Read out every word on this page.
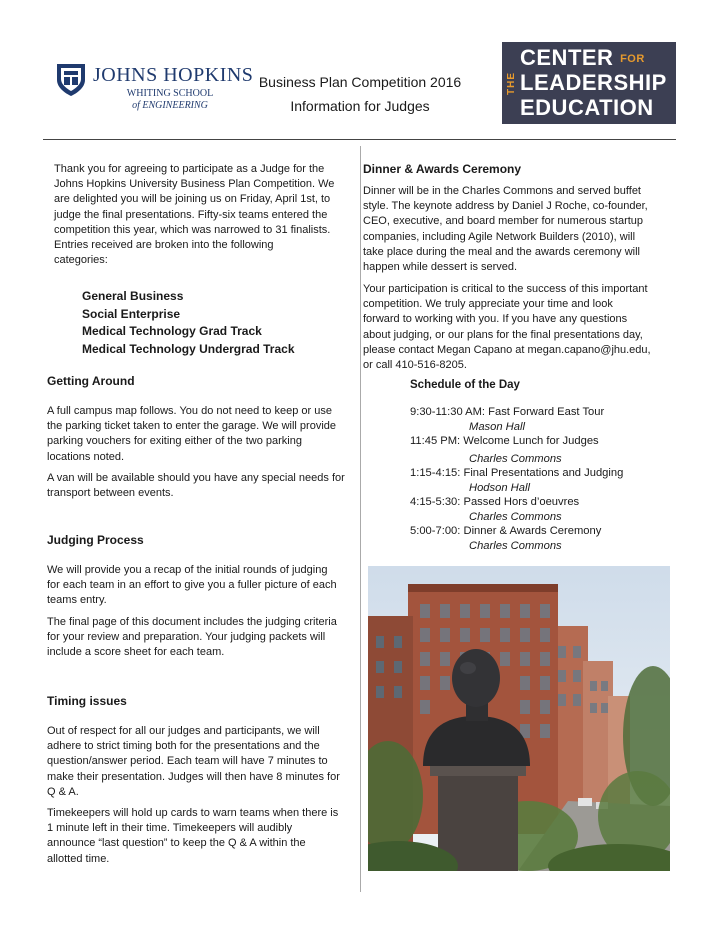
JOHNS HOPKINS
WHITING SCHOOL
of ENGINEERING
Business Plan Competition 2016
Information for Judges
THE
CENTER FOR
LEADERSHIP
EDUCATION
Thank you for agreeing to participate as a Judge for the
Johns Hopkins University Business Plan Competition. We
are delighted you will be joining us on Friday, April 1st, to
judge the final presentations. Fifty-six teams entered the
competition this year, which was narrowed to 31 finalists.
Entries received are broken into the following
categories:
General Business
Social Enterprise
Medical Technology Grad Track
Medical Technology Undergrad Track
Getting Around
A full campus map follows. You do not need to keep or use
the parking ticket taken to enter the garage. We will provide
parking vouchers for exiting either of the two parking
locations noted.
A van will be available should you have any special needs for
transport between events.
Judging Process
We will provide you a recap of the initial rounds of judging
for each team in an effort to give you a fuller picture of each
teams entry.
The final page of this document includes the judging criteria
for your review and preparation. Your judging packets will
include a score sheet for each team.
Timing issues
Out of respect for all our judges and participants, we will
adhere to strict timing both for the presentations and the
question/answer period. Each team will have 7 minutes to
make their presentation. Judges will then have 8 minutes for
Q & A.
Timekeepers will hold up cards to warn teams when there is
1 minute left in their time. Timekeepers will audibly
announce “last question” to keep the Q & A within the
allotted time.
Dinner & Awards Ceremony
Dinner will be in the Charles Commons and served buffet
style. The keynote address by Daniel J Roche, co-founder,
CEO, executive, and board member for numerous startup
companies, including Agile Network Builders (2010), will
take place during the meal and the awards ceremony will
happen while dessert is served.
Your participation is critical to the success of this important
competition. We truly appreciate your time and look
forward to working with you. If you have any questions
about judging, or our plans for the final presentations day,
please contact Megan Capano at megan.capano@jhu.edu,
or call 410-516-8205.
Schedule of the Day
9:30-11:30 AM: Fast Forward East Tour
Mason Hall
11:45 PM: Welcome Lunch for Judges
Charles Commons
1:15-4:15: Final Presentations and Judging
Hodson Hall
4:15-5:30: Passed Hors d’oeuvres
Charles Commons
5:00-7:00: Dinner & Awards Ceremony
Charles Commons
